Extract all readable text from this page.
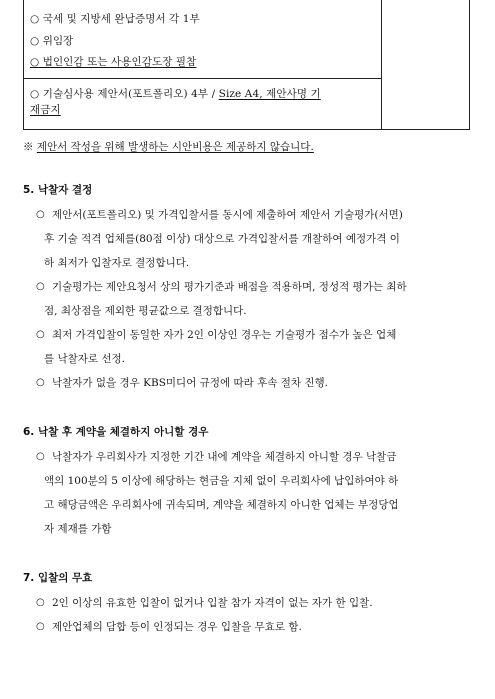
○ 국세 및 지방세 완납증명서 각 1부
○ 위임장
○ 법인인감 또는 사용인감도장 필참
○ 기술심사용 제안서(포트폴리오) 4부 / Size A4, 제안사명 기
재금지
※ 제안서 작성을 위해 발생하는 시안비용은 제공하지 않습니다.
5. 낙찰자 결정
○ 제안서(포트폴리오) 및 가격입찰서를 동시에 제출하여 제안서 기술평가(서면)
후 기술 적격 업체를(80점 이상) 대상으로 가격입찰서를 개찰하여 예정가격 이
하 최저가 입찰자로 결정합니다.
○ 기술평가는 제안요청서 상의 평가기준과 배점을 적용하며, 정성적 평가는 최하
점, 최상점을 제외한 평균값으로 결정합니다.
○ 최저 가격입찰이 동일한 자가 2인 이상인 경우는 기술평가 점수가 높은 업체
를 낙찰자로 선정.
○ 낙찰자가 없을 경우 KBS미디어 규정에 따라 후속 절차 진행.
6. 낙찰 후 계약을 체결하지 아니할 경우
○ 낙찰자가 우리회사가 지정한 기간 내에 계약을 체결하지 아니할 경우 낙찰금
액의 100분의 5 이상에 해당하는 현금을 지체 없이 우리회사에 납입하여야 하
고 해당금액은 우리회사에 귀속되며, 계약을 체결하지 아니한 업체는 부정당업
자 제재를 가함
7. 입찰의 무효
○ 2인 이상의 유효한 입찰이 없거나 입찰 참가 자격이 없는 자가 한 입찰.
○ 제안업체의 담합 등이 인정되는 경우 입찰을 무효로 함.
